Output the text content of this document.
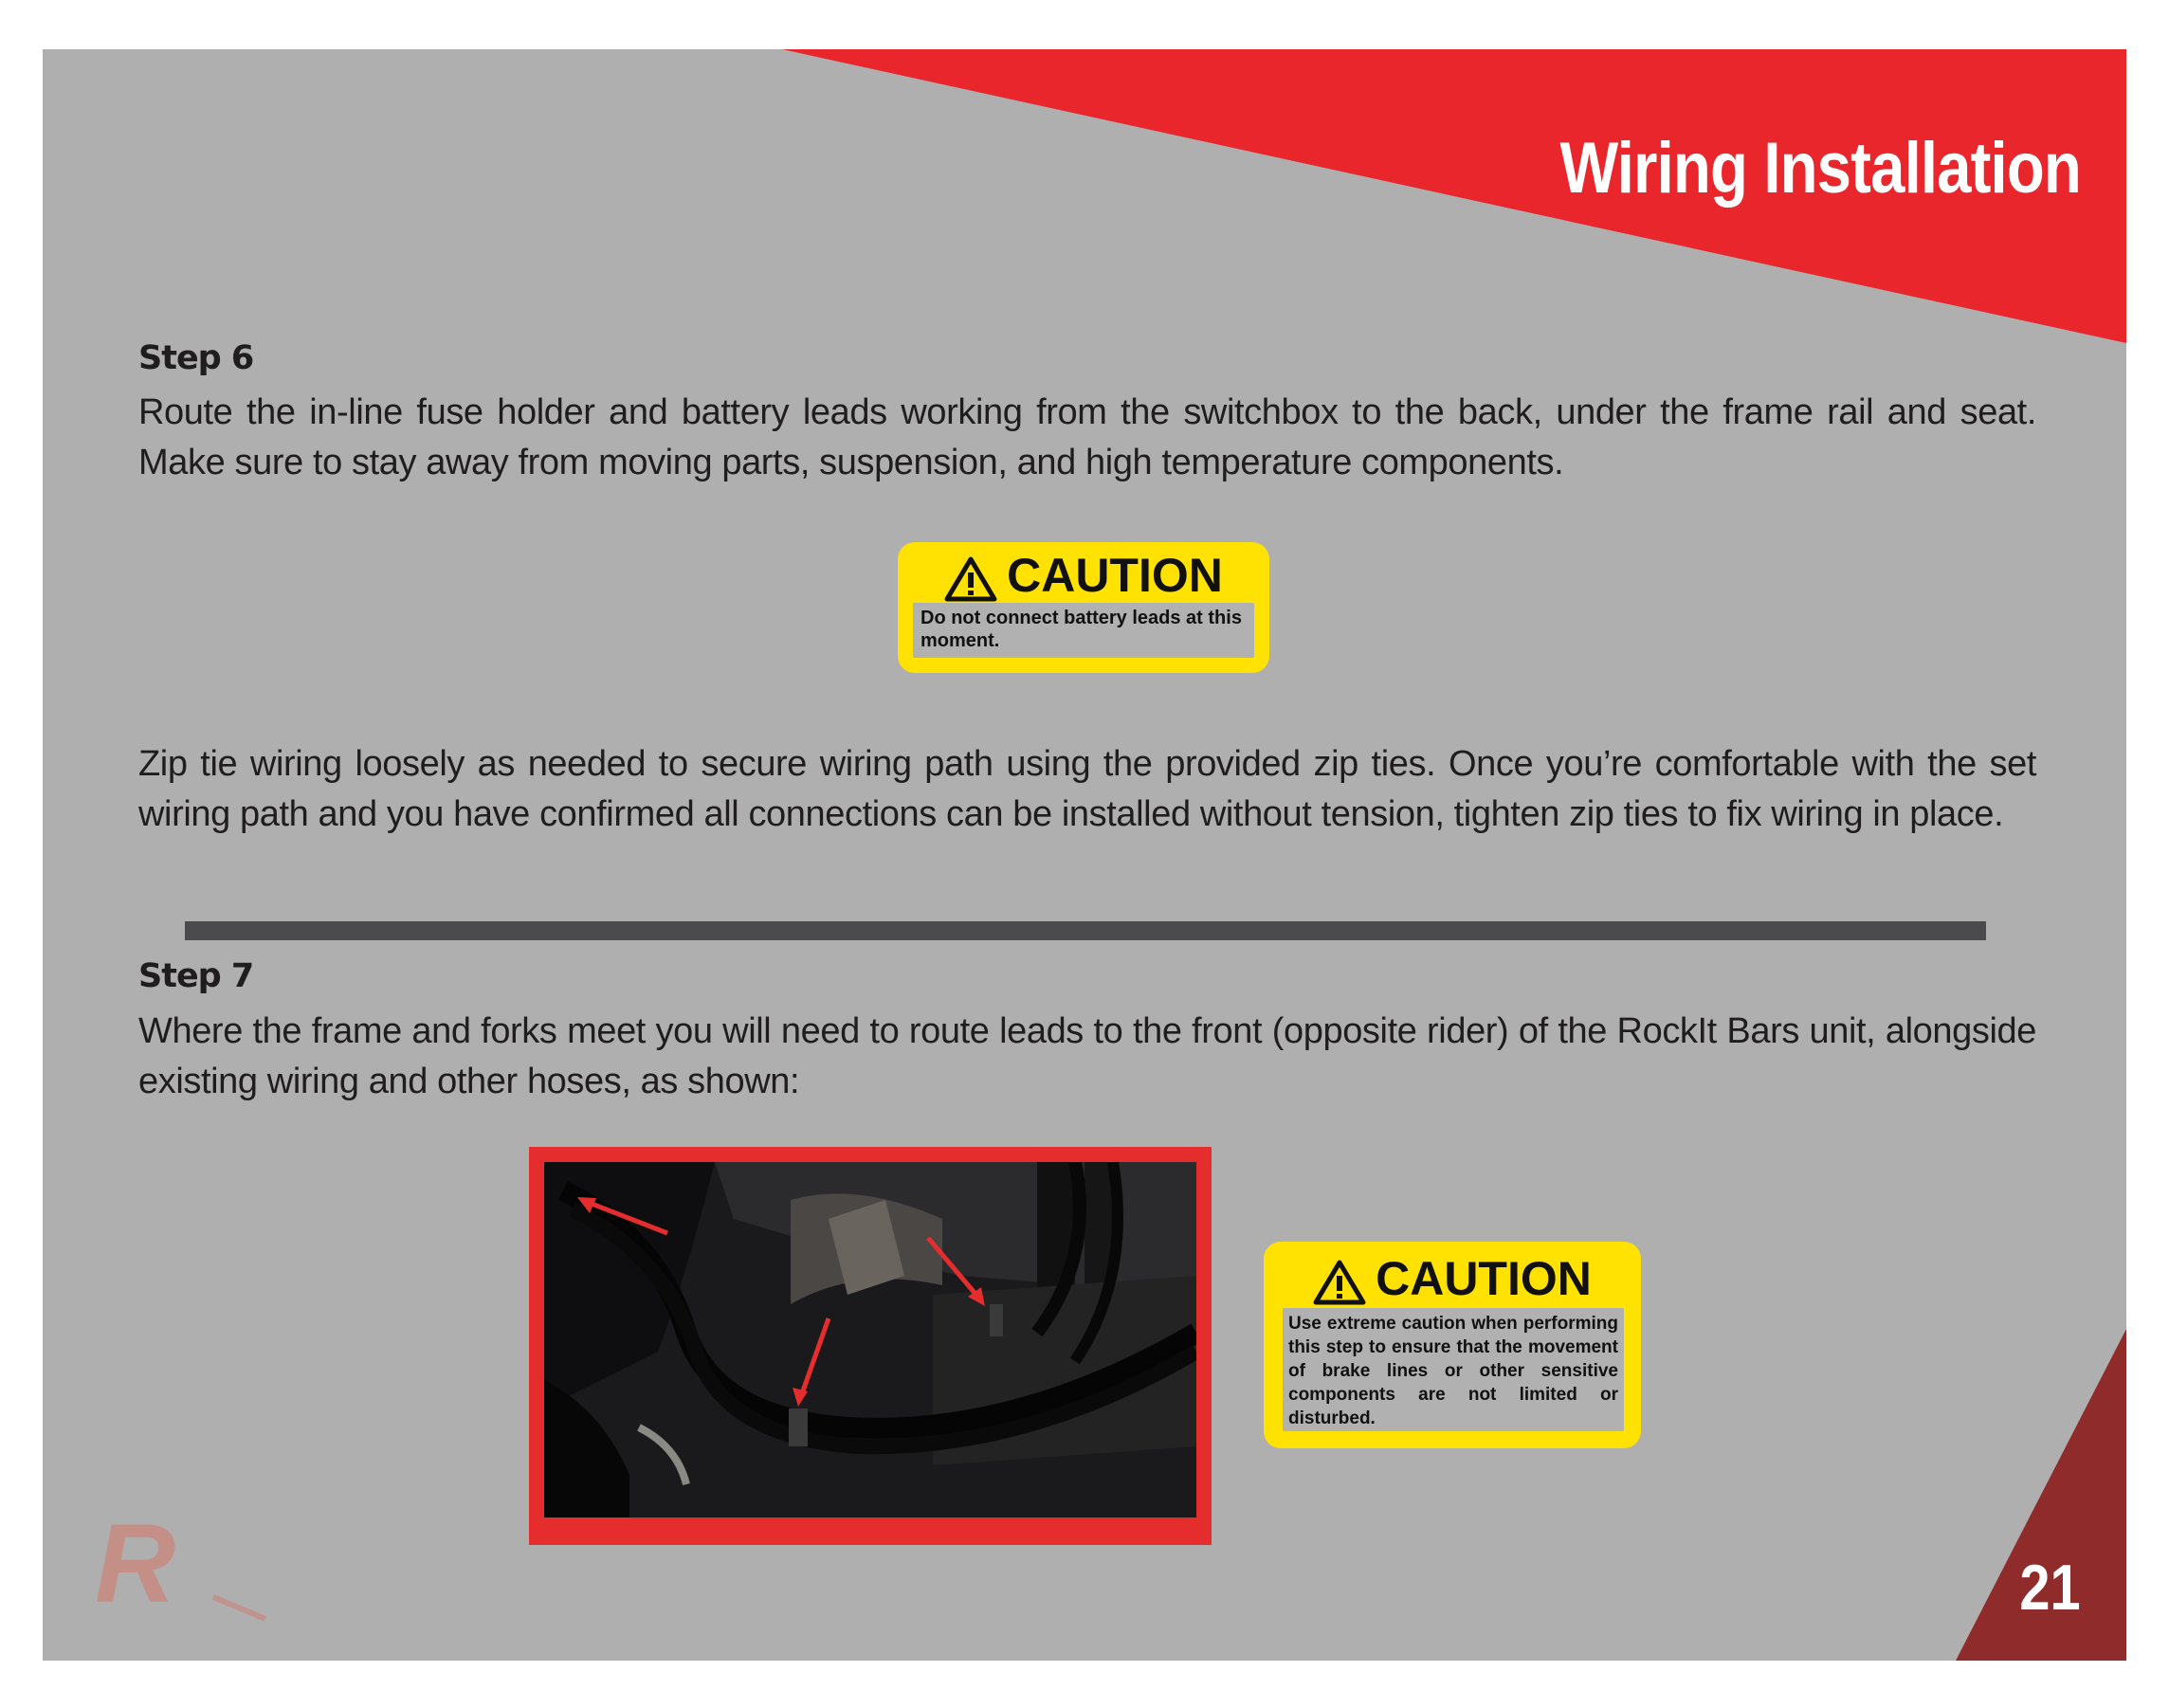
Wiring Installation
Step 6
Route the in-line fuse holder and battery leads working from the switchbox to the back, under the frame rail and seat. Make sure to stay away from moving parts, suspension, and high temperature components.
CAUTION
Do not connect battery leads at this moment.
Zip tie wiring loosely as needed to secure wiring path using the provided zip ties. Once you’re comfortable with the set wiring path and you have confirmed all connections can be installed without tension, tighten zip ties to fix wiring in place.
Step 7
Where the frame and forks meet you will need to route leads to the front (opposite rider) of the RockIt Bars unit, alongside existing wiring and other hoses, as shown:
CAUTION
Use extreme caution when performing this step to ensure that the movement of brake lines or other sensitive components are not limited or disturbed.
R	21
